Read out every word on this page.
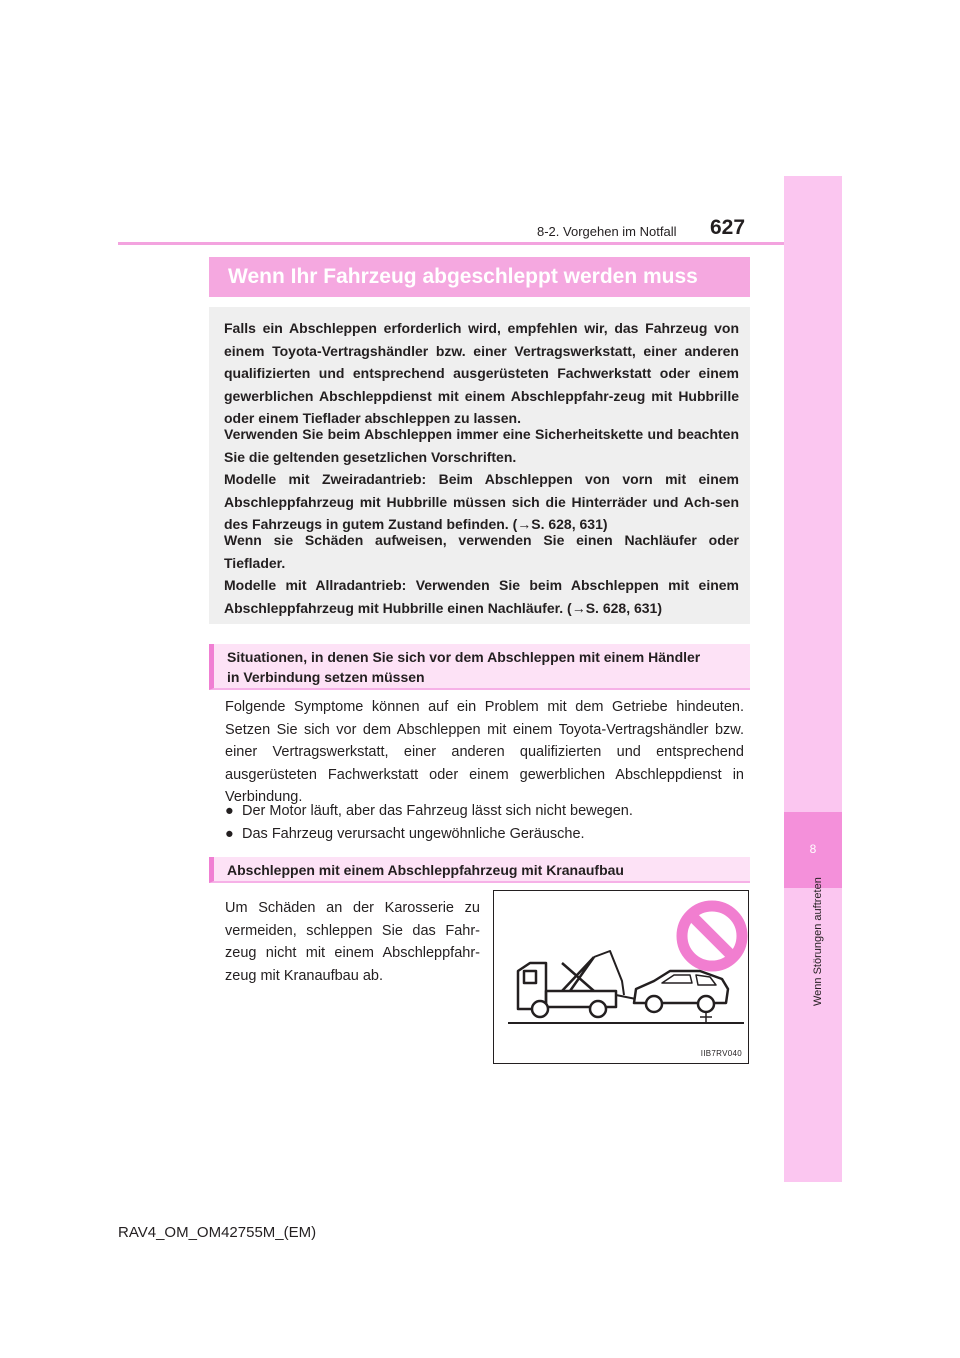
8
Wenn Störungen auftreten
8-2. Vorgehen im Notfall 627
Wenn Ihr Fahrzeug abgeschleppt werden muss

Falls ein Abschleppen erforderlich wird, empfehlen wir, das Fahrzeug von einem Toyota-Vertragshändler bzw. einer Vertragswerkstatt, einer anderen qualifizierten und entsprechend ausgerüsteten Fachwerkstatt oder einem gewerblichen Abschleppdienst mit einem Abschleppfahr-zeug mit Hubbrille oder einem Tieflader abschleppen zu lassen.

Verwenden Sie beim Abschleppen immer eine Sicherheitskette und beachten Sie die geltenden gesetzlichen Vorschriften.

Modelle mit Zweiradantrieb: Beim Abschleppen von vorn mit einem Abschleppfahrzeug mit Hubbrille müssen sich die Hinterräder und Ach-sen des Fahrzeugs in gutem Zustand befinden. (→S. 628, 631)

Wenn sie Schäden aufweisen, verwenden Sie einen Nachläufer oder Tieflader.

Modelle mit Allradantrieb: Verwenden Sie beim Abschleppen mit einem Abschleppfahrzeug mit Hubbrille einen Nachläufer. (→S. 628, 631)

Situationen, in denen Sie sich vor dem Abschleppen mit einem Händler
in Verbindung setzen müssen

Folgende Symptome können auf ein Problem mit dem Getriebe hindeuten. Setzen Sie sich vor dem Abschleppen mit einem Toyota-Vertragshändler bzw. einer Vertragswerkstatt, einer anderen qualifizierten und entsprechend ausgerüsteten Fachwerkstatt oder einem gewerblichen Abschleppdienst in Verbindung.

● Der Motor läuft, aber das Fahrzeug lässt sich nicht bewegen.
● Das Fahrzeug verursacht ungewöhnliche Geräusche.
Abschleppen mit einem Abschleppfahrzeug mit Kranaufbau

Um Schäden an der Karosserie zu vermeiden, schleppen Sie das Fahr-zeug nicht mit einem Abschleppfahr-zeug mit Kranaufbau ab.

IIB7RV040
RAV4_OM_OM42755M_(EM)
